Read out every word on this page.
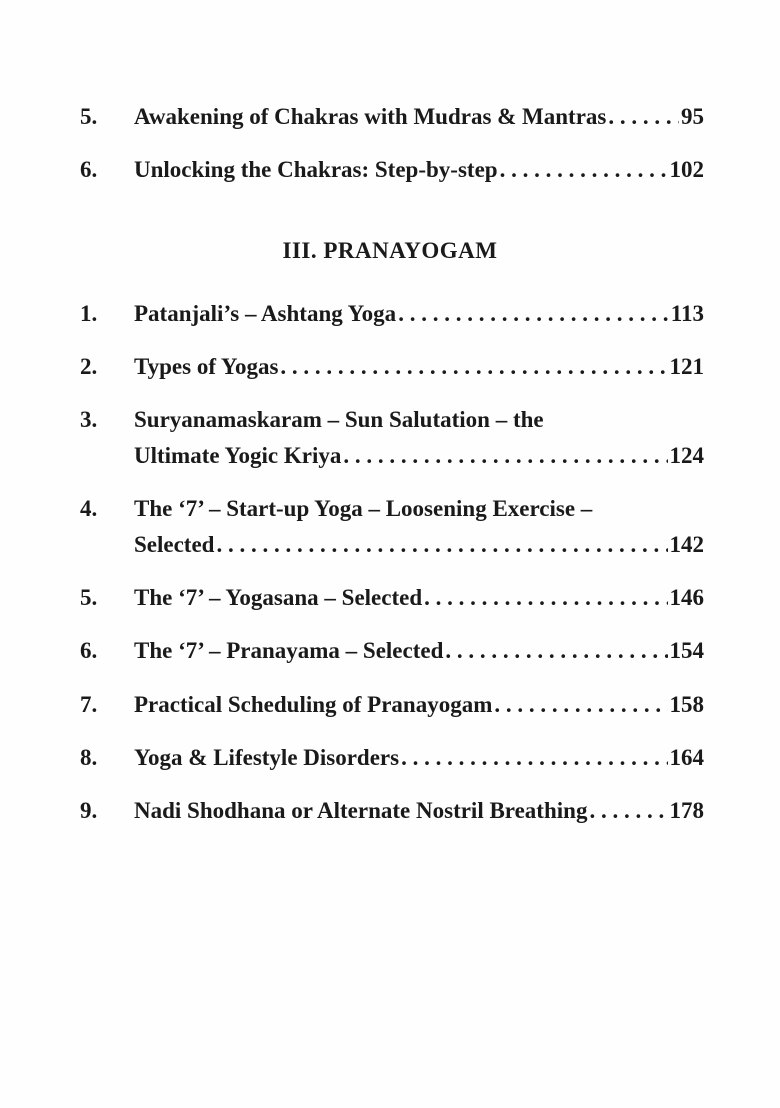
5. Awakening of Chakras with Mudras & Mantras . . .	95
6. Unlocking the Chakras: Step-by-step . . .	102
III. PRANAYOGAM
1. Patanjali’s – Ashtang Yoga . . .	113
2. Types of Yogas . . .	121
3. Suryanamaskaram – Sun Salutation – the
Ultimate Yogic Kriya . . .	124
4. The ‘7’ – Start-up Yoga – Loosening Exercise –
Selected . . .	142
5. The ‘7’ – Yogasana – Selected . . .	146
6. The ‘7’ – Pranayama – Selected . . .	154
7. Practical Scheduling of Pranayogam . . .	158
8. Yoga & Lifestyle Disorders . . .	164
9. Nadi Shodhana or Alternate Nostril Breathing . . .	178
